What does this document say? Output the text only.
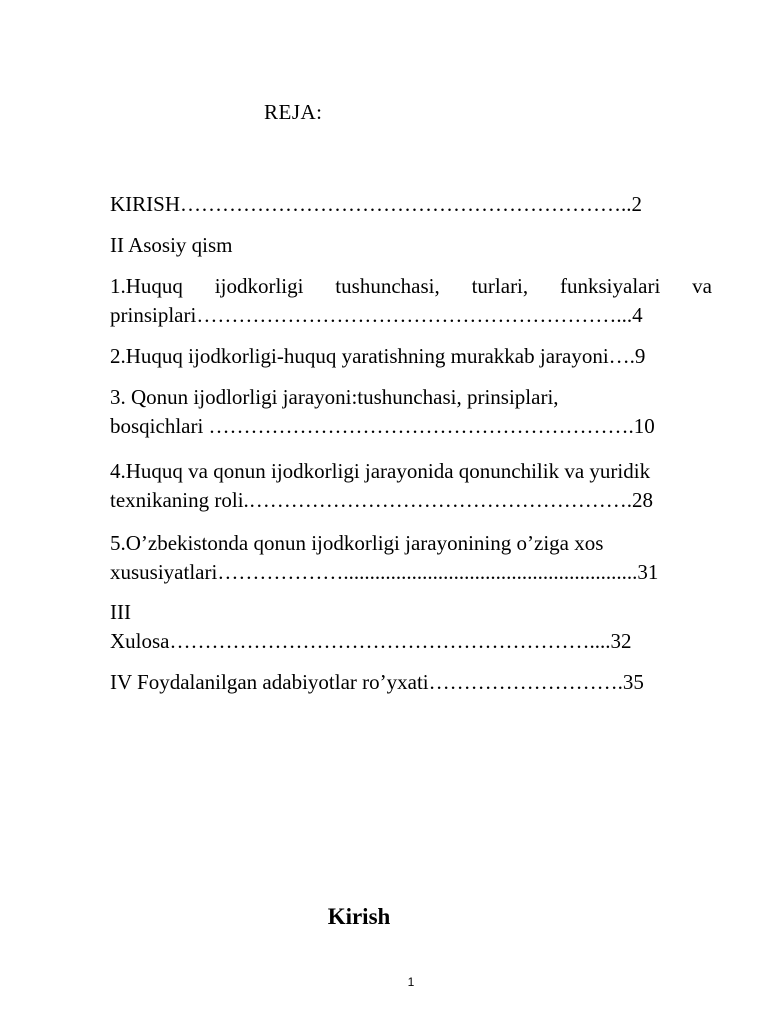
REJA:
KIRISH………………………………………………………..2
II Asosiy qism
1.Huquq ijodkorligi tushunchasi, turlari, funksiyalari va
prinsiplari……………………………………………………...4
2.Huquq ijodkorligi-huquq yaratishning murakkab jarayoni….9
3. Qonun ijodlorligi jarayoni:tushunchasi, prinsiplari,
bosqichlari …………………………………………………….10
4.Huquq va qonun ijodkorligi jarayonida qonunchilik va yuridik
texnikaning roli.……………………………………………….28
5.O’zbekistonda qonun ijodkorligi jarayonining o’ziga xos
xususiyatlari………………........................................................31
III
Xulosa……………………………………………………....32
IV Foydalanilgan adabiyotlar ro’yxati……………………….35
Kirish
1
